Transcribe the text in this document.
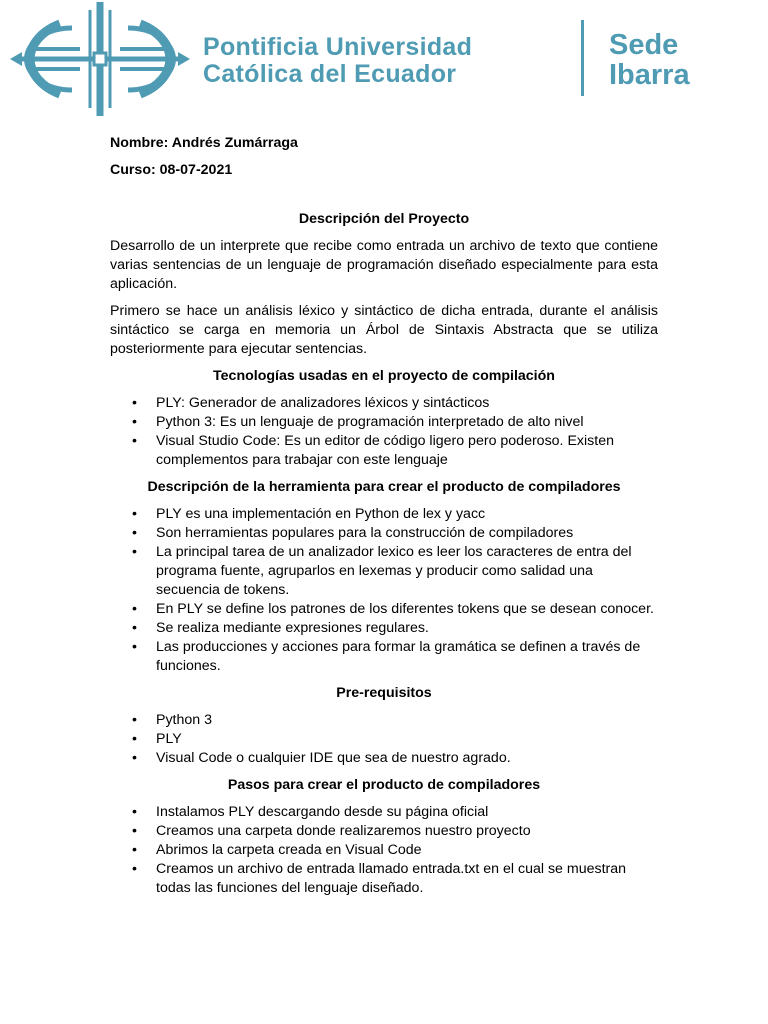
Pontificia Universidad
Católica del Ecuador
Sede
Ibarra
Nombre: Andrés Zumárraga
Curso: 08-07-2021
Descripción del Proyecto

Desarrollo de un interprete que recibe como entrada un archivo de texto que contiene varias sentencias de un lenguaje de programación diseñado especialmente para esta aplicación.

Primero se hace un análisis léxico y sintáctico de dicha entrada, durante el análisis sintáctico se carga en memoria un Árbol de Sintaxis Abstracta que se utiliza posteriormente para ejecutar sentencias.

Tecnologías usadas en el proyecto de compilación
• PLY: Generador de analizadores léxicos y sintácticos
• Python 3: Es un lenguaje de programación interpretado de alto nivel
• Visual Studio Code: Es un editor de código ligero pero poderoso. Existen complementos para trabajar con este lenguaje
Descripción de la herramienta para crear el producto de compiladores
• PLY es una implementación en Python de lex y yacc
• Son herramientas populares para la construcción de compiladores
• La principal tarea de un analizador lexico es leer los caracteres de entra del programa fuente, agruparlos en lexemas y producir como salidad una secuencia de tokens.
• En PLY se define los patrones de los diferentes tokens que se desean conocer.
• Se realiza mediante expresiones regulares.
• Las producciones y acciones para formar la gramática se definen a través de funciones.
Pre-requisitos
• Python 3
• PLY
• Visual Code o cualquier IDE que sea de nuestro agrado.
Pasos para crear el producto de compiladores
• Instalamos PLY descargando desde su página oficial
• Creamos una carpeta donde realizaremos nuestro proyecto
• Abrimos la carpeta creada en Visual Code
• Creamos un archivo de entrada llamado entrada.txt en el cual se muestran todas las funciones del lenguaje diseñado.
